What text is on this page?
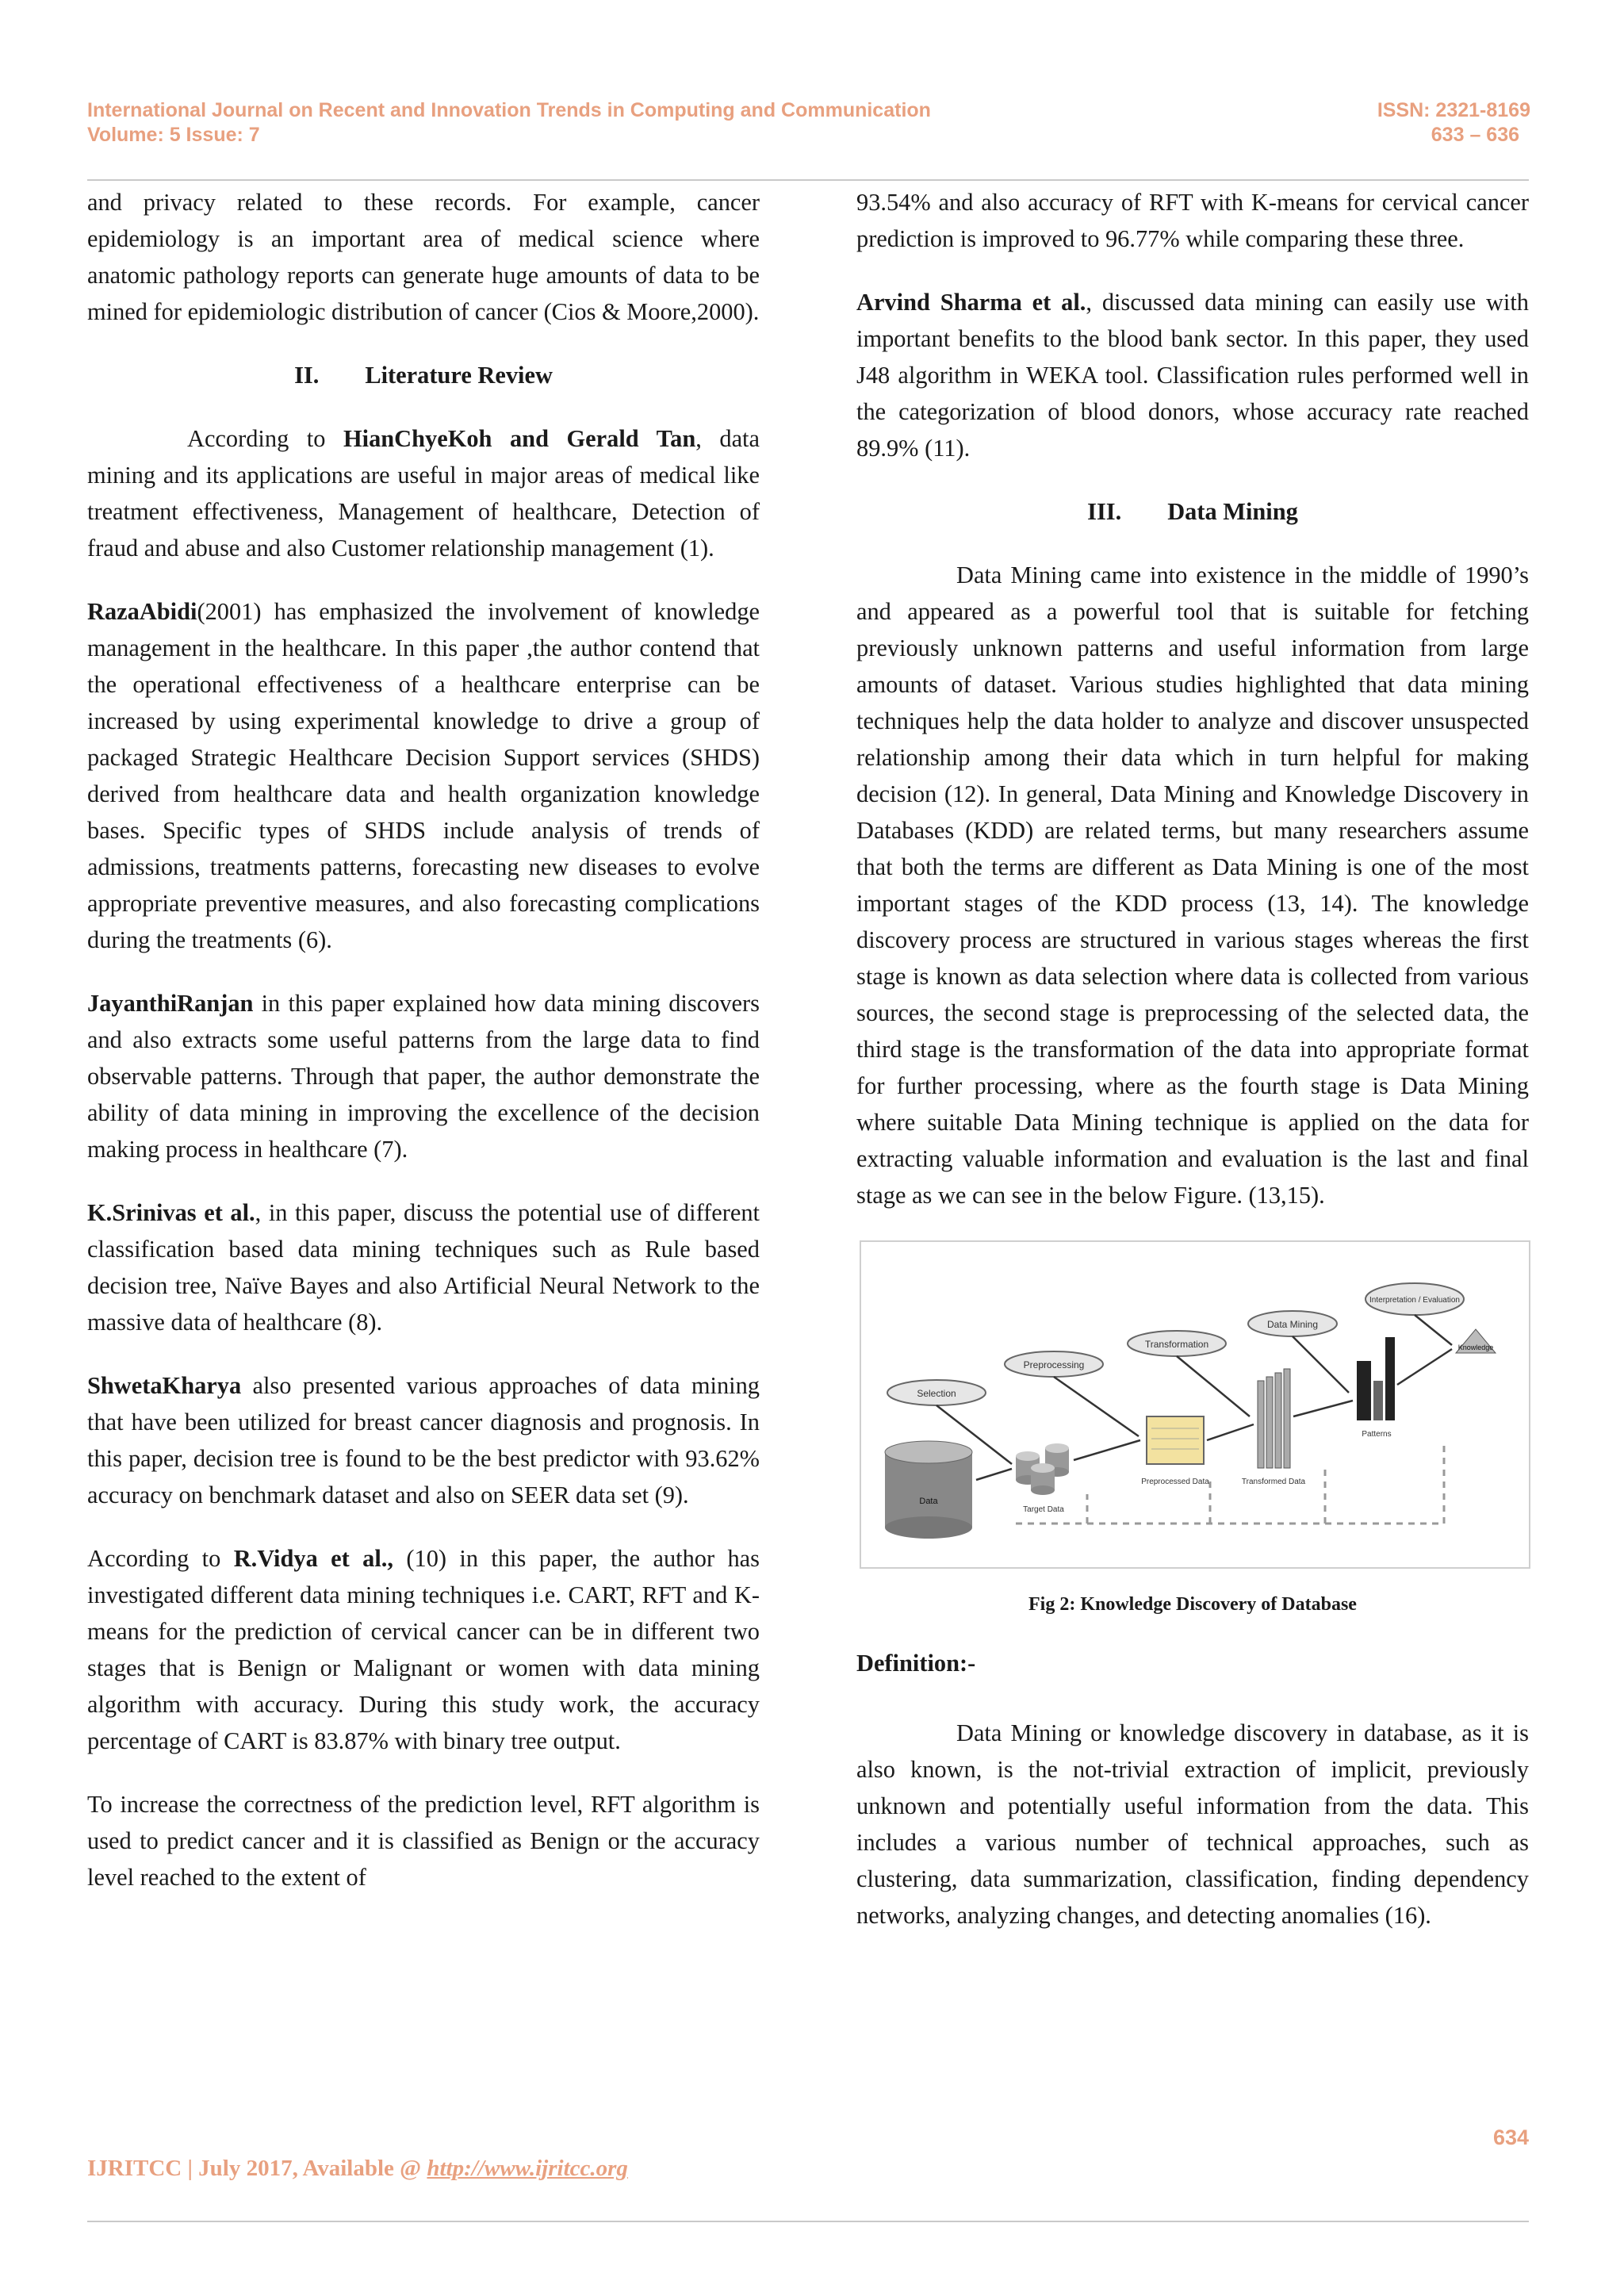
International Journal on Recent and Innovation Trends in Computing and Communication
Volume: 5 Issue: 7
ISSN: 2321-8169
633 – 636

and privacy related to these records. For example, cancer epidemiology is an important area of medical science where anatomic pathology reports can generate huge amounts of data to be mined for epidemiologic distribution of cancer (Cios & Moore,2000).

II. Literature Review

According to HianChyeKoh and Gerald Tan, data mining and its applications are useful in major areas of medical like treatment effectiveness, Management of healthcare, Detection of fraud and abuse and also Customer relationship management (1).

RazaAbidi(2001) has emphasized the involvement of knowledge management in the healthcare. In this paper ,the author contend that the operational effectiveness of a healthcare enterprise can be increased by using experimental knowledge to drive a group of packaged Strategic Healthcare Decision Support services (SHDS) derived from healthcare data and health organization knowledge bases. Specific types of SHDS include analysis of trends of admissions, treatments patterns, forecasting new diseases to evolve appropriate preventive measures, and also forecasting complications during the treatments (6).

JayanthiRanjan in this paper explained how data mining discovers and also extracts some useful patterns from the large data to find observable patterns. Through that paper, the author demonstrate the ability of data mining in improving the excellence of the decision making process in healthcare (7).

K.Srinivas et al., in this paper, discuss the potential use of different classification based data mining techniques such as Rule based decision tree, Naïve Bayes and also Artificial Neural Network to the massive data of healthcare (8).

ShwetaKharya also presented various approaches of data mining that have been utilized for breast cancer diagnosis and prognosis. In this paper, decision tree is found to be the best predictor with 93.62% accuracy on benchmark dataset and also on SEER data set (9).

According to R.Vidya et al., (10) in this paper, the author has investigated different data mining techniques i.e. CART, RFT and K-means for the prediction of cervical cancer can be in different two stages that is Benign or Malignant or women with data mining algorithm with accuracy. During this study work, the accuracy percentage of CART is 83.87% with binary tree output.

To increase the correctness of the prediction level, RFT algorithm is used to predict cancer and it is classified as Benign or the accuracy level reached to the extent of

93.54% and also accuracy of RFT with K-means for cervical cancer prediction is improved to 96.77% while comparing these three.

Arvind Sharma et al., discussed data mining can easily use with important benefits to the blood bank sector. In this paper, they used J48 algorithm in WEKA tool. Classification rules performed well in the categorization of blood donors, whose accuracy rate reached 89.9% (11).

III. Data Mining

Data Mining came into existence in the middle of 1990’s and appeared as a powerful tool that is suitable for fetching previously unknown patterns and useful information from large amounts of dataset. Various studies highlighted that data mining techniques help the data holder to analyze and discover unsuspected relationship among their data which in turn helpful for making decision (12). In general, Data Mining and Knowledge Discovery in Databases (KDD) are related terms, but many researchers assume that both the terms are different as Data Mining is one of the most important stages of the KDD process (13, 14). The knowledge discovery process are structured in various stages whereas the first stage is known as data selection where data is collected from various sources, the second stage is preprocessing of the selected data, the third stage is the transformation of the data into appropriate format for further processing, where as the fourth stage is Data Mining where suitable Data Mining technique is applied on the data for extracting valuable information and evaluation is the last and final stage as we can see in the below Figure. (13,15).

Selection
Preprocessing
Transformation
Data Mining
Interpretation / Evaluation
Data
Target Data
Preprocessed Data	Transformed Data
Patterns
Knowledge
Fig 2: Knowledge Discovery of Database
Definition:-

Data Mining or knowledge discovery in database, as it is also known, is the not-trivial extraction of implicit, previously unknown and potentially useful information from the data. This includes a various number of technical approaches, such as clustering, data summarization, classification, finding dependency networks, analyzing changes, and detecting anomalies (16).

634
IJRITCC | July 2017, Available @ http://www.ijritcc.org
